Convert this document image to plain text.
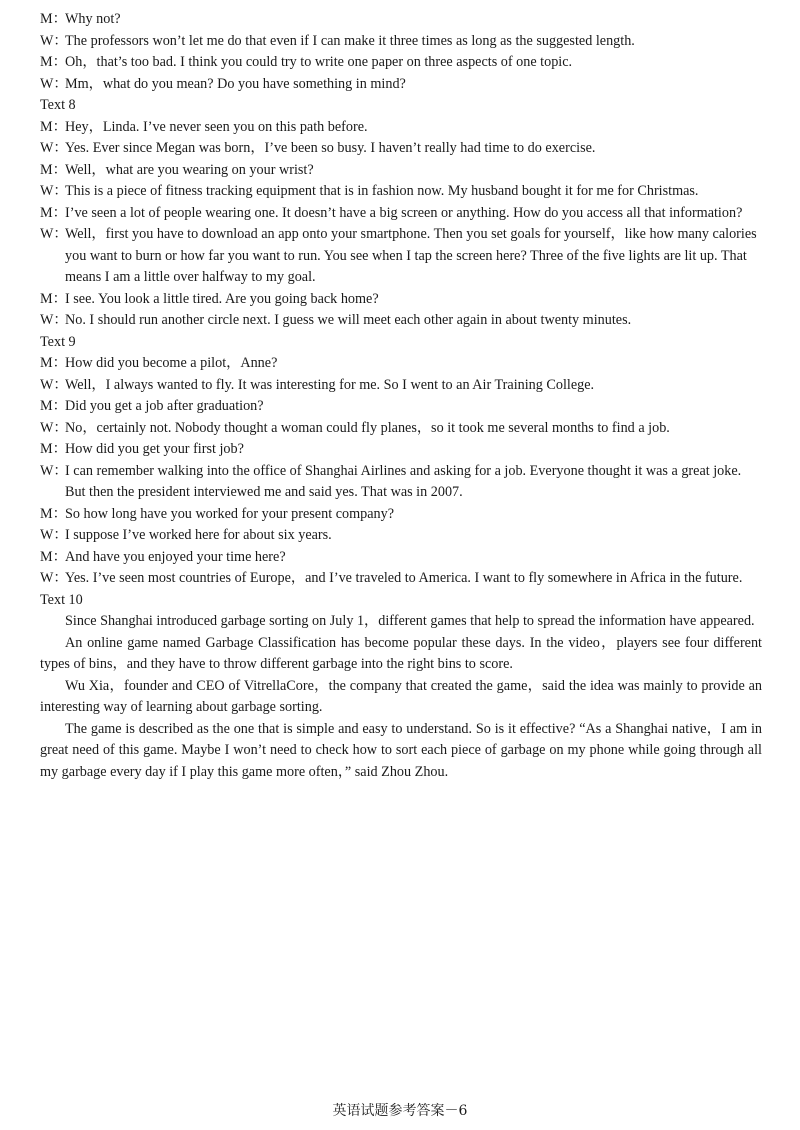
M：
Why not?
W：
The professors won’t let me do that even if I can make it three times as long as the suggested length.
M：
Oh，that’s too bad. I think you could try to write one paper on three aspects of one topic.
W：
Mm，what do you mean? Do you have something in mind?
Text 8
M：
Hey，Linda. I’ve never seen you on this path before.
W：
Yes. Ever since Megan was born，I’ve been so busy. I haven’t really had time to do exercise.
M：
Well，what are you wearing on your wrist?
W：
This is a piece of fitness tracking equipment that is in fashion now. My husband bought it for me for Christmas.
M：
I’ve seen a lot of people wearing one. It doesn’t have a big screen or anything. How do you access all that information?
W：
Well，first you have to download an app onto your smartphone. Then you set goals for yourself，like how many calories you want to burn or how far you want to run. You see when I tap the screen here? Three of the five lights are lit up. That means I am a little over halfway to my goal.
M：
I see. You look a little tired. Are you going back home?
W：
No. I should run another circle next. I guess we will meet each other again in about twenty minutes.
Text 9
M：
How did you become a pilot，Anne?
W：
Well，I always wanted to fly. It was interesting for me. So I went to an Air Training College.
M：
Did you get a job after graduation?
W：
No，certainly not. Nobody thought a woman could fly planes，so it took me several months to find a job.
M：
How did you get your first job?
W：
I can remember walking into the office of Shanghai Airlines and asking for a job. Everyone thought it was a great joke. But then the president interviewed me and said yes. That was in 2007.
M：
So how long have you worked for your present company?
W：
I suppose I’ve worked here for about six years.
M：
And have you enjoyed your time here?
W：
Yes. I’ve seen most countries of Europe，and I’ve traveled to America. I want to fly somewhere in Africa in the future.
Text 10
Since Shanghai introduced garbage sorting on July 1，different games that help to spread the information have appeared.
An online game named Garbage Classification has become popular these days. In the video，players see four different types of bins，and they have to throw different garbage into the right bins to score.
Wu Xia，founder and CEO of VitrellaCore，the company that created the game，said the idea was mainly to provide an interesting way of learning about garbage sorting.
The game is described as the one that is simple and easy to understand. So is it effective? “As a Shanghai native，I am in great need of this game. Maybe I won’t need to check how to sort each piece of garbage on my phone while going through all my garbage every day if I play this game more often，” said Zhou Zhou.
英语试题参考答案－6
